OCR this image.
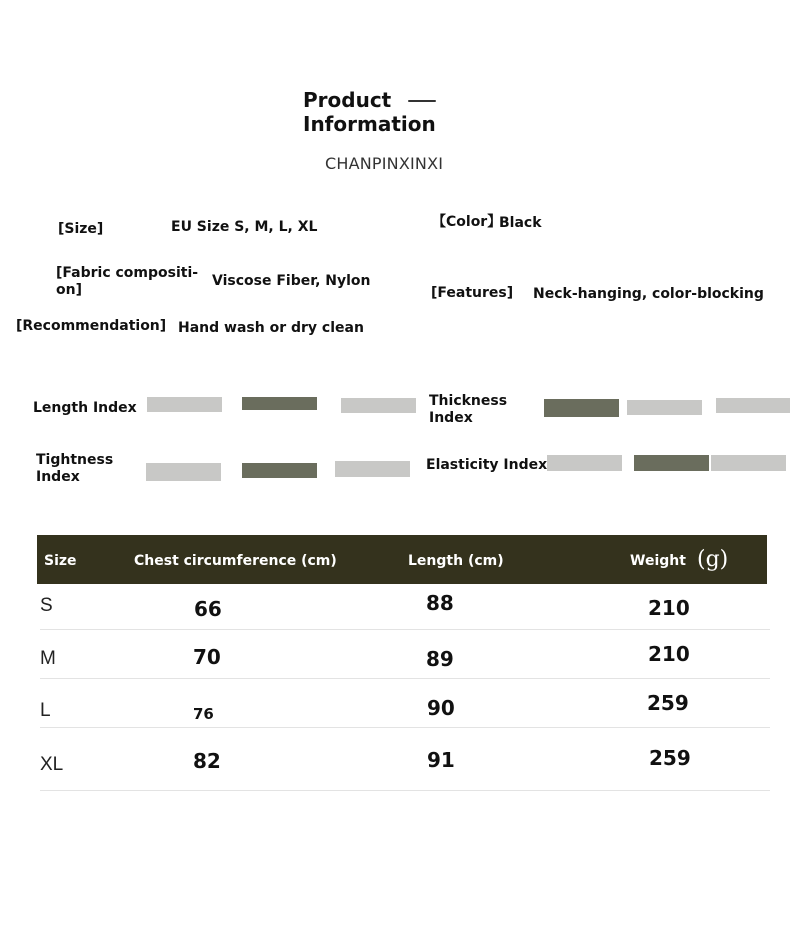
Product
Information
CHANPINXINXI
[Size]	EU Size S, M, L, XL	【Color】
Black
[Fabric compositi-
on]
Viscose Fiber, Nylon
[Features] Neck-hanging, color-blocking
[Recommendation] Hand wash or dry clean
Length Index	Thickness
Index
Tightness
Index
Elasticity Index
Size	Chest circumference (cm)	Length (cm)	Weight (g)
S	66	88	210
M	70	89	210
L	76	90	259
XL	82	91	259
